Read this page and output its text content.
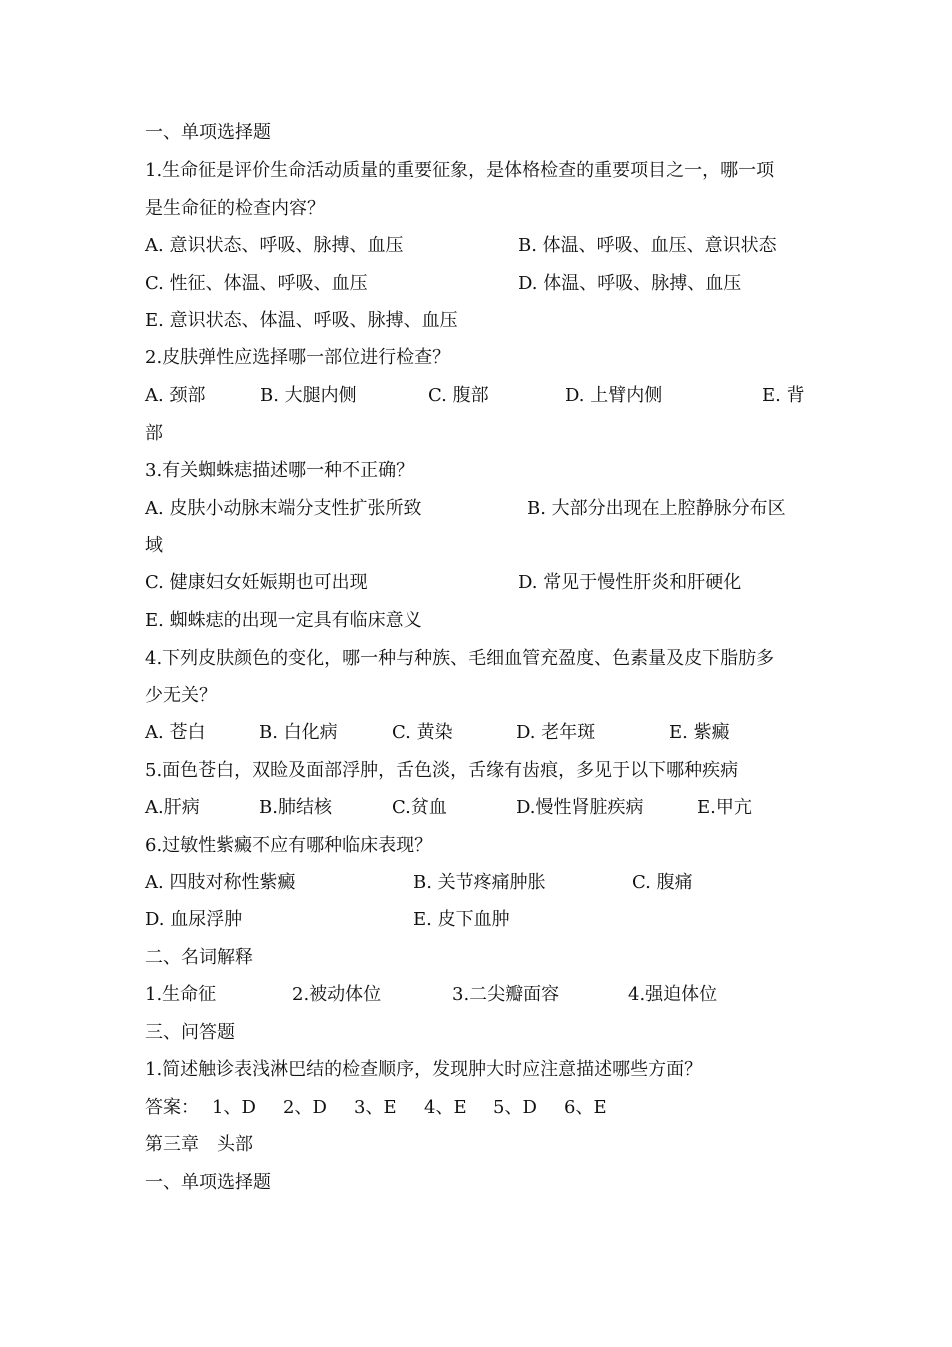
一、单项选择题
1.生命征是评价生命活动质量的重要征象，是体格检查的重要项目之一，哪一项
是生命征的检查内容？
A. 意识状态、呼吸、脉搏、血压	B. 体温、呼吸、血压、意识状态
C. 性征、体温、呼吸、血压	D. 体温、呼吸、脉搏、血压
E. 意识状态、体温、呼吸、脉搏、血压
2.皮肤弹性应选择哪一部位进行检查？
A. 颈部	B. 大腿内侧	C. 腹部	D. 上臂内侧	E. 背
部
3.有关蜘蛛痣描述哪一种不正确？
A. 皮肤小动脉末端分支性扩张所致	B. 大部分出现在上腔静脉分布区
域
C. 健康妇女妊娠期也可出现	D. 常见于慢性肝炎和肝硬化
E. 蜘蛛痣的出现一定具有临床意义
4.下列皮肤颜色的变化，哪一种与种族、毛细血管充盈度、色素量及皮下脂肪多
少无关？
A. 苍白	B. 白化病	C. 黄染	D. 老年斑	E. 紫癜
5.面色苍白，双睑及面部浮肿，舌色淡，舌缘有齿痕，多见于以下哪种疾病
A.肝病	B.肺结核	C.贫血	D.慢性肾脏疾病	E.甲亢
6.过敏性紫癜不应有哪种临床表现？
A. 四肢对称性紫癜	B. 关节疼痛肿胀	C. 腹痛
D. 血尿浮肿	E. 皮下血肿
二、名词解释
1.生命征	2.被动体位	3.二尖瓣面容	4.强迫体位
三、问答题
1.简述触诊表浅淋巴结的检查顺序，发现肿大时应注意描述哪些方面？
答案： 1、D 2、D 3、E 4、E 5、D 6、E
第三章　头部
一、单项选择题
